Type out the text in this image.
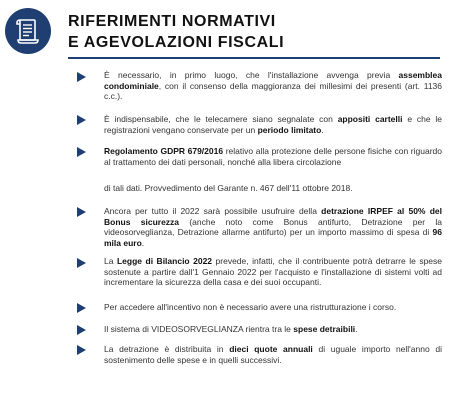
RIFERIMENTI NORMATIVI
E AGEVOLAZIONI FISCALI
È necessario, in primo luogo, che l'installazione avvenga previa assemblea condominiale, con il consenso della maggioranza dei millesimi dei presenti (art. 1136 c.c.).
È indispensabile, che le telecamere siano segnalate con appositi cartelli e che le registrazioni vengano conservate per un periodo limitato.
Regolamento GDPR 679/2016 relativo alla protezione delle persone fisiche con riguardo al trattamento dei dati personali, nonché alla libera circolazione
di tali dati. Provvedimento del Garante n. 467 dell'11 ottobre 2018.
Ancora per tutto il 2022 sarà possibile usufruire della detrazione IRPEF al 50% del Bonus sicurezza (anche noto come Bonus antifurto, Detrazione per la videosorveglianza, Detrazione allarme antifurto) per un importo massimo di spesa di 96 mila euro.
La Legge di Bilancio 2022 prevede, infatti, che il contribuente potrà detrarre le spese sostenute a partire dall'1 Gennaio 2022 per l'acquisto e l'installazione di sistemi volti ad incrementare la sicurezza della casa e dei suoi occupanti.
Per accedere all'incentivo non è necessario avere una ristrutturazione i corso.
Il sistema di VIDEOSORVEGLIANZA rientra tra le spese detraibili.
La detrazione è distribuita in dieci quote annuali di uguale importo nell'anno di sostenimento delle spese e in quelli successivi.
